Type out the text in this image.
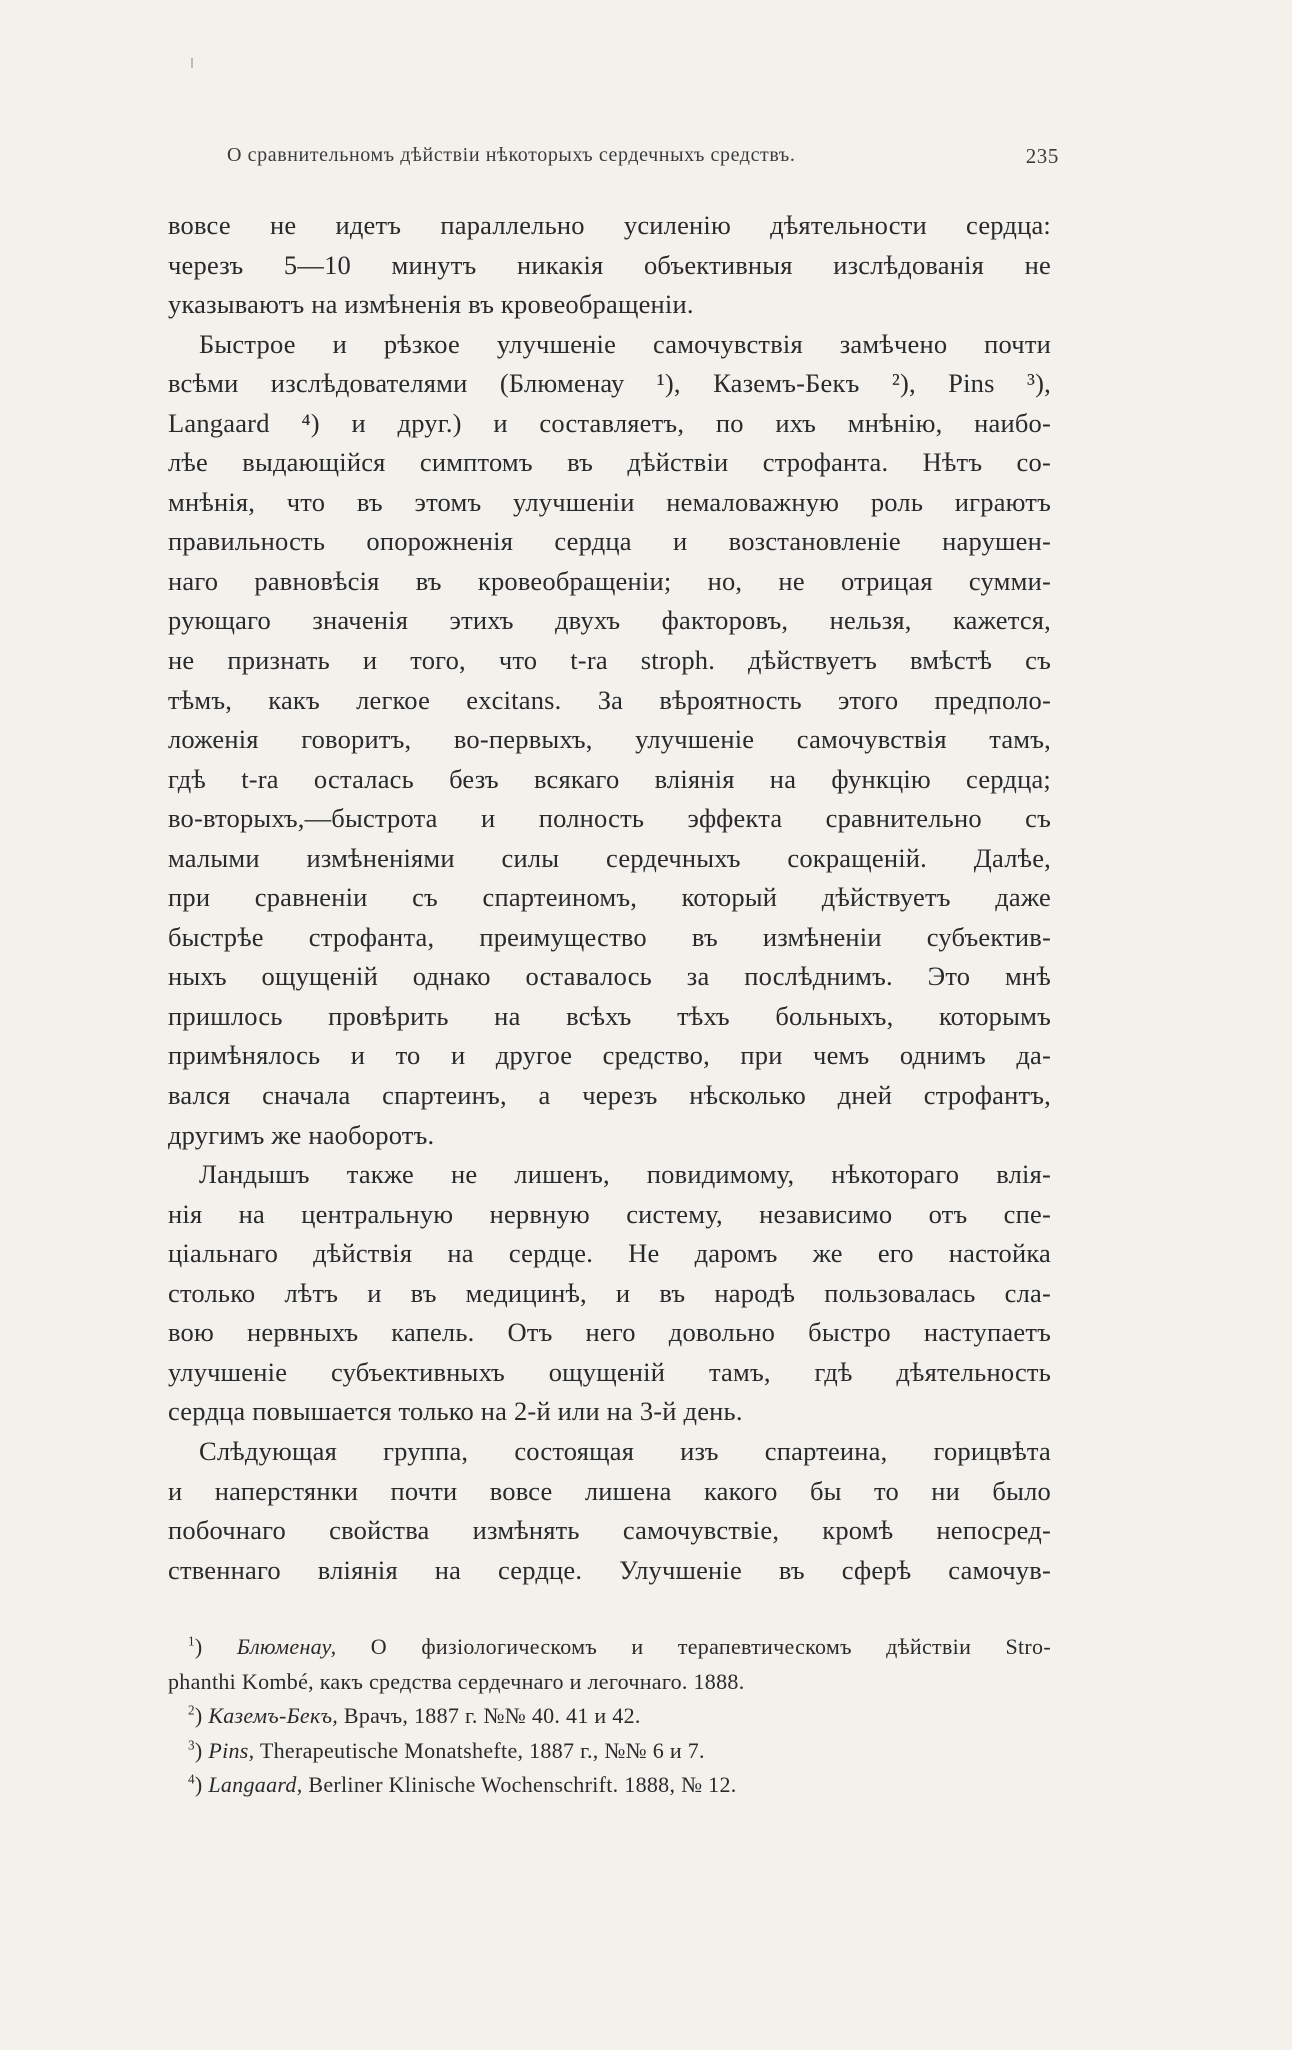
О сравнительномъ дѣйствіи нѣкоторыхъ сердечныхъ средствъ.	235

вовсе не идетъ параллельно усиленію дѣятельности сердца:
черезъ 5—10 минутъ никакія объективныя изслѣдованія не
указываютъ на измѣненія въ кровеобращеніи.

Быстрое и рѣзкое улучшеніе самочувствія замѣчено почти
всѣми изслѣдователями (Блюменау ¹), Каземъ-Бекъ ²), Pins ³),
Langaard ⁴) и друг.) и составляетъ, по ихъ мнѣнію, наибо-
лѣе выдающійся симптомъ въ дѣйствіи строфанта. Нѣтъ со-
мнѣнія, что въ этомъ улучшеніи немаловажную роль играютъ
правильность опорожненія сердца и возстановленіе нарушен-
наго равновѣсія въ кровеобращеніи; но, не отрицая сумми-
рующаго значенія этихъ двухъ факторовъ, нельзя, кажется,
не признать и того, что t-ra stroph. дѣйствуетъ вмѣстѣ съ
тѣмъ, какъ легкое excitans. За вѣроятность этого предполо-
ложенія говоритъ, во-первыхъ, улучшеніе самочувствія тамъ,
гдѣ t-ra осталась безъ всякаго вліянія на функцію сердца;
во-вторыхъ,—быстрота и полность эффекта сравнительно съ
малыми измѣненіями силы сердечныхъ сокращеній. Далѣе,
при сравненіи съ спартеиномъ, который дѣйствуетъ даже
быстрѣе строфанта, преимущество въ измѣненіи субъектив-
ныхъ ощущеній однако оставалось за послѣднимъ. Это мнѣ
пришлось провѣрить на всѣхъ тѣхъ больныхъ, которымъ
примѣнялось и то и другое средство, при чемъ однимъ да-
вался сначала спартеинъ, а черезъ нѣсколько дней строфантъ,
другимъ же наоборотъ.

Ландышъ также не лишенъ, повидимому, нѣкотораго влія-
нія на центральную нервную систему, независимо отъ спе-
ціальнаго дѣйствія на сердце. Не даромъ же его настойка
столько лѣтъ и въ медицинѣ, и въ народѣ пользовалась сла-
вою нервныхъ капель. Отъ него довольно быстро наступаетъ
улучшеніе субъективныхъ ощущеній тамъ, гдѣ дѣятельность
сердца повышается только на 2-й или на 3-й день.

Слѣдующая группа, состоящая изъ спартеина, горицвѣта
и наперстянки почти вовсе лишена какого бы то ни было
побочнаго свойства измѣнять самочувствіе, кромѣ непосред-
ственнаго вліянія на сердце. Улучшеніе въ сферѣ самочув-

$^1$) Блюменау, О физіологическомъ и терапевтическомъ дѣйствіи Stro-
phanthi Kombé, какъ средства сердечнаго и легочнаго. 1888.
$^2$) Каземъ-Бекъ, Врачъ, 1887 г. №№ 40. 41 и 42.
$^3$) Pins, Therapeutische Monatshefte, 1887 г., №№ 6 и 7.
$^4$) Langaard, Berliner Klinische Wochenschrift. 1888, № 12.
